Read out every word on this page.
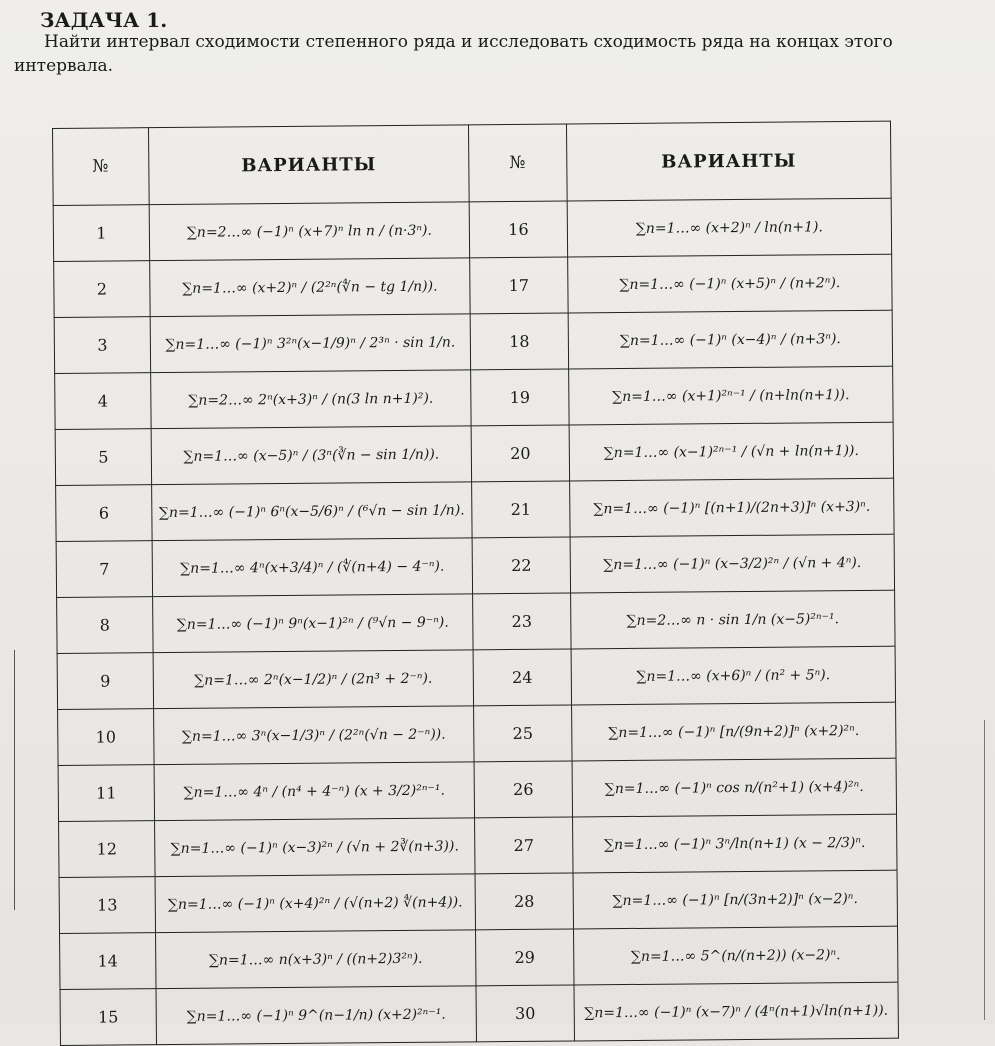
ЗАДАЧА 1.
Найти интервал сходимости степенного ряда и исследовать сходимость ряда на концах этого интервала.
№	ВАРИАНТЫ	№	ВАРИАНТЫ
1	∑n=2…∞ (−1)ⁿ (x+7)ⁿ ln n / (n·3ⁿ).	16	∑n=1…∞ (x+2)ⁿ / ln(n+1).
2	∑n=1…∞ (x+2)ⁿ / (2²ⁿ(∜n − tg 1/n)).	17	∑n=1…∞ (−1)ⁿ (x+5)ⁿ / (n+2ⁿ).
3	∑n=1…∞ (−1)ⁿ 3²ⁿ(x−1/9)ⁿ / 2³ⁿ · sin 1/n.	18	∑n=1…∞ (−1)ⁿ (x−4)ⁿ / (n+3ⁿ).
4	∑n=2…∞ 2ⁿ(x+3)ⁿ / (n(3 ln n+1)²).	19	∑n=1…∞ (x+1)²ⁿ⁻¹ / (n+ln(n+1)).
5	∑n=1…∞ (x−5)ⁿ / (3ⁿ(∛n − sin 1/n)).	20	∑n=1…∞ (x−1)²ⁿ⁻¹ / (√n + ln(n+1)).
6	∑n=1…∞ (−1)ⁿ 6ⁿ(x−5/6)ⁿ / (⁶√n − sin 1/n).	21	∑n=1…∞ (−1)ⁿ [(n+1)/(2n+3)]ⁿ (x+3)ⁿ.
7	∑n=1…∞ 4ⁿ(x+3/4)ⁿ / (∜(n+4) − 4⁻ⁿ).	22	∑n=1…∞ (−1)ⁿ (x−3/2)²ⁿ / (√n + 4ⁿ).
8	∑n=1…∞ (−1)ⁿ 9ⁿ(x−1)²ⁿ / (⁹√n − 9⁻ⁿ).	23	∑n=2…∞ n · sin 1/n (x−5)²ⁿ⁻¹.
9	∑n=1…∞ 2ⁿ(x−1/2)ⁿ / (2n³ + 2⁻ⁿ).	24	∑n=1…∞ (x+6)ⁿ / (n² + 5ⁿ).
10	∑n=1…∞ 3ⁿ(x−1/3)ⁿ / (2²ⁿ(√n − 2⁻ⁿ)).	25	∑n=1…∞ (−1)ⁿ [n/(9n+2)]ⁿ (x+2)²ⁿ.
11	∑n=1…∞ 4ⁿ / (n⁴ + 4⁻ⁿ) (x + 3/2)²ⁿ⁻¹.	26	∑n=1…∞ (−1)ⁿ cos n/(n²+1) (x+4)²ⁿ.
12	∑n=1…∞ (−1)ⁿ (x−3)²ⁿ / (√n + 2∛(n+3)).	27	∑n=1…∞ (−1)ⁿ 3ⁿ/ln(n+1) (x − 2/3)ⁿ.
13	∑n=1…∞ (−1)ⁿ (x+4)²ⁿ / (√(n+2) ∜(n+4)).	28	∑n=1…∞ (−1)ⁿ [n/(3n+2)]ⁿ (x−2)ⁿ.
14	∑n=1…∞ n(x+3)ⁿ / ((n+2)3²ⁿ).	29	∑n=1…∞ 5^(n/(n+2)) (x−2)ⁿ.
15	∑n=1…∞ (−1)ⁿ 9^(n−1/n) (x+2)²ⁿ⁻¹.	30	∑n=1…∞ (−1)ⁿ (x−7)ⁿ / (4ⁿ(n+1)√ln(n+1)).
